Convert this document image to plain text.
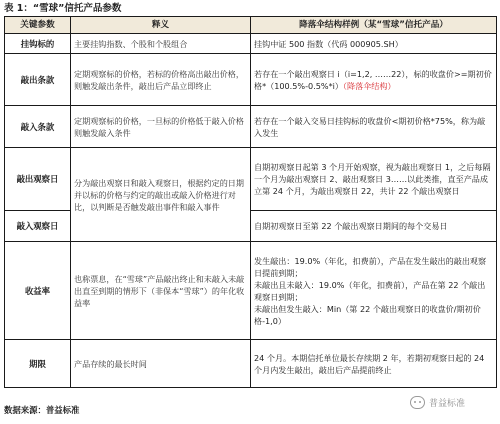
表 1：“雪球”信托产品参数
关键参数	释义	降落伞结构样例（某“雪球”信托产品）
挂钩标的	主要挂钩指数、个股和个股组合	挂钩中证 500 指数（代码 000905.SH）

敲出条款	定期观察标的价格，若标的价格高出敲出价格，则触发敲出条件，敲出后产品立即终止	若存在一个敲出观察日 i（i=1,2, ……22），标的收盘价>=期初价格*（100.5%-0.5%*i）（降落伞结构）
敲入条款	定期观察标的价格，一旦标的价格低于敲入价格则触发敲入条件	若存在一个敲入交易日挂钩标的收盘价<期初价格*75%，称为敲入发生

敲出观察日	分为敲出观察日和敲入观察日，根据约定的日期并以标的价格与约定的敲出或敲入价格进行对比，以判断是否触发敲出事件和敲入事件	自期初观察日起第 3 个月开始观察，视为敲出观察日 1，之后每隔一个月为敲出观察日 2、敲出观察日 3……以此类推，直至产品成立第 24 个月，为敲出观察日 22，共计 22 个敲出观察日

敲入观察日		自期初观察日至第 22 个敲出观察日期间的每个交易日

收益率	也称票息，在“雪球”产品敲出终止和未敲入未敲出直至到期的情形下（非保本“雪球”）的年化收益率	发生敲出：19.0%（年化，扣费前），产品在发生敲出的敲出观察日提前到期；
未敲出且未敲入：19.0%（年化，扣费前），产品在第 22 个敲出观察日到期；
未敲出但发生敲入：Min（第 22 个敲出观察日的收盘价/期初价格-1,0）

期限	产品存续的最长时间	24 个月。本期信托单位最长存续期 2 年，若期初观察日起的 24 个月内发生敲出，敲出后产品提前终止
数据来源：普益标准
普益标准
